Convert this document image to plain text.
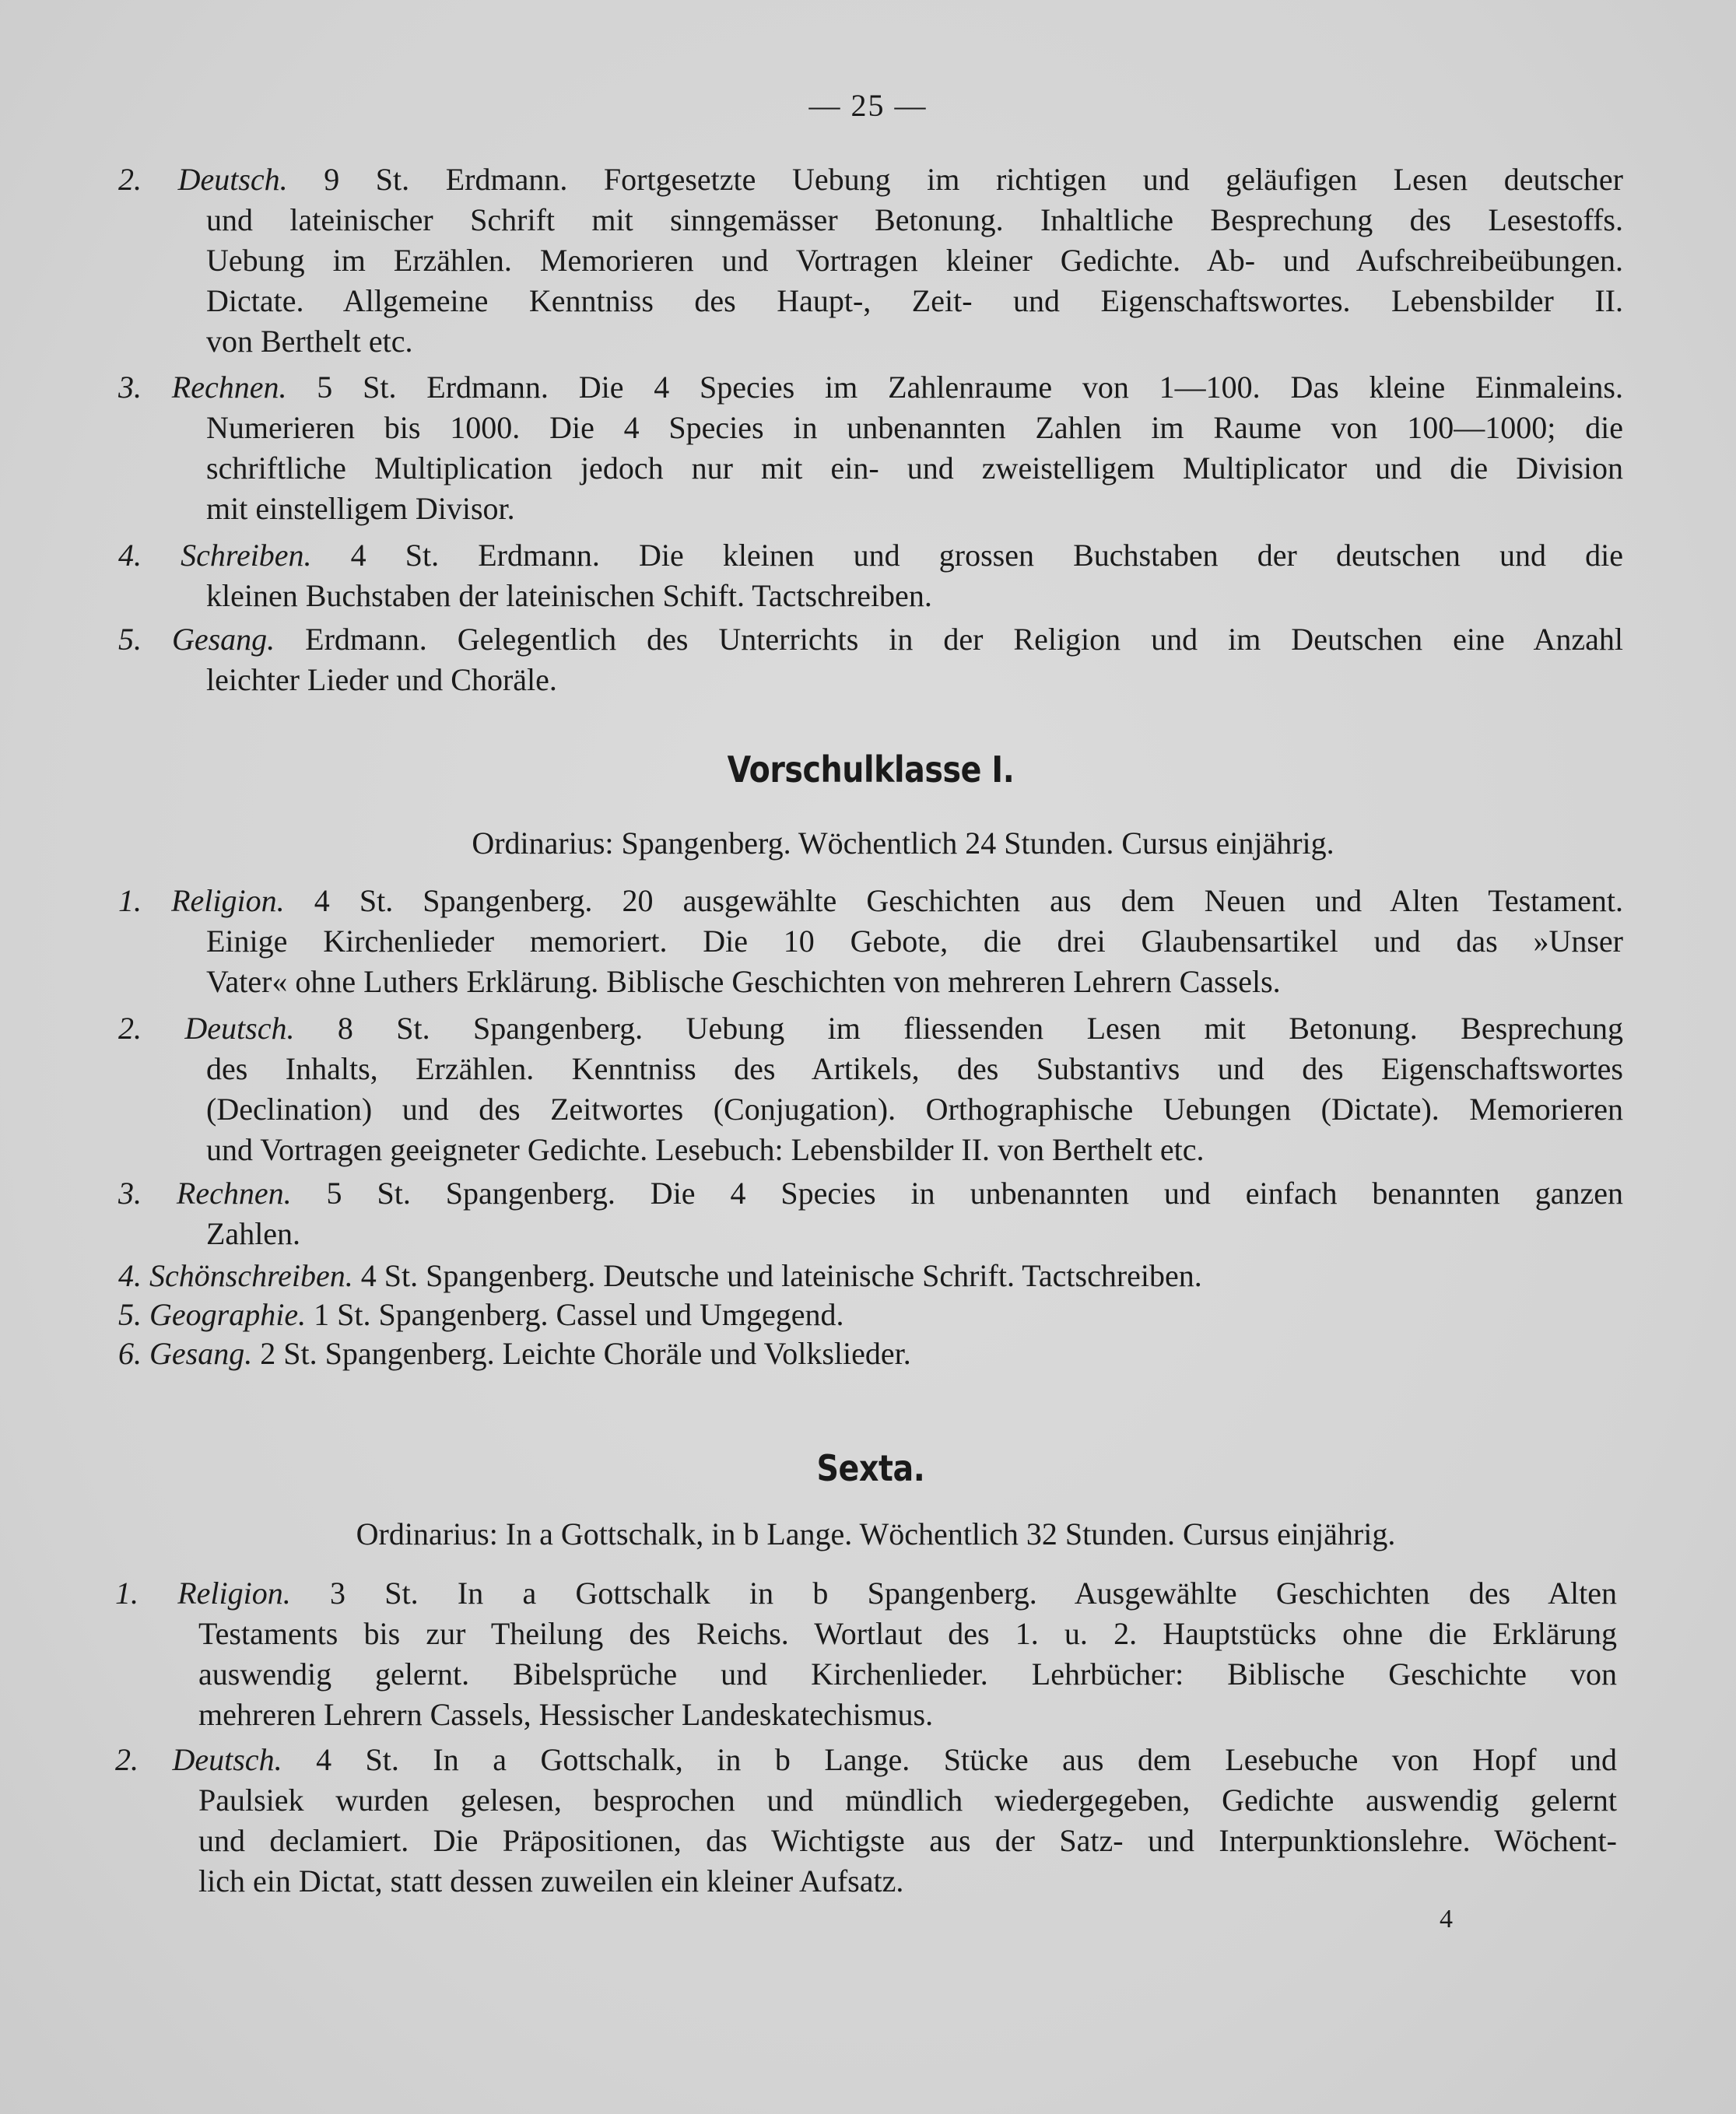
— 25 —
2. Deutsch. 9 St. Erdmann. Fortgesetzte Uebung im richtigen und geläufigen Lesen deutscher
und lateinischer Schrift mit sinngemässer Betonung. Inhaltliche Besprechung des Lesestoffs.
Uebung im Erzählen. Memorieren und Vortragen kleiner Gedichte. Ab- und Aufschreibeübungen.
Dictate. Allgemeine Kenntniss des Haupt-, Zeit- und Eigenschaftswortes. Lebensbilder II.
von Berthelt etc.
3. Rechnen. 5 St. Erdmann. Die 4 Species im Zahlenraume von 1—100. Das kleine Einmaleins.
Numerieren bis 1000. Die 4 Species in unbenannten Zahlen im Raume von 100—1000; die
schriftliche Multiplication jedoch nur mit ein- und zweistelligem Multiplicator und die Division
mit einstelligem Divisor.
4. Schreiben. 4 St. Erdmann. Die kleinen und grossen Buchstaben der deutschen und die
kleinen Buchstaben der lateinischen Schift. Tactschreiben.
5. Gesang. Erdmann. Gelegentlich des Unterrichts in der Religion und im Deutschen eine Anzahl
leichter Lieder und Choräle.
Vorschulklasse I.
Ordinarius: Spangenberg. Wöchentlich 24 Stunden. Cursus einjährig.
1. Religion. 4 St. Spangenberg. 20 ausgewählte Geschichten aus dem Neuen und Alten Testament.
Einige Kirchenlieder memoriert. Die 10 Gebote, die drei Glaubensartikel und das »Unser
Vater« ohne Luthers Erklärung. Biblische Geschichten von mehreren Lehrern Cassels.
2. Deutsch. 8 St. Spangenberg. Uebung im fliessenden Lesen mit Betonung. Besprechung
des Inhalts, Erzählen. Kenntniss des Artikels, des Substantivs und des Eigenschaftswortes
(Declination) und des Zeitwortes (Conjugation). Orthographische Uebungen (Dictate). Memorieren
und Vortragen geeigneter Gedichte. Lesebuch: Lebensbilder II. von Berthelt etc.
3. Rechnen. 5 St. Spangenberg. Die 4 Species in unbenannten und einfach benannten ganzen
Zahlen.
4. Schönschreiben. 4 St. Spangenberg. Deutsche und lateinische Schrift. Tactschreiben.
5. Geographie. 1 St. Spangenberg. Cassel und Umgegend.
6. Gesang. 2 St. Spangenberg. Leichte Choräle und Volkslieder.
Sexta.
Ordinarius: In a Gottschalk, in b Lange. Wöchentlich 32 Stunden. Cursus einjährig.
1. Religion. 3 St. In a Gottschalk in b Spangenberg. Ausgewählte Geschichten des Alten
Testaments bis zur Theilung des Reichs. Wortlaut des 1. u. 2. Hauptstücks ohne die Erklärung
auswendig gelernt. Bibelsprüche und Kirchenlieder. Lehrbücher: Biblische Geschichte von
mehreren Lehrern Cassels, Hessischer Landeskatechismus.
2. Deutsch. 4 St. In a Gottschalk, in b Lange. Stücke aus dem Lesebuche von Hopf und
Paulsiek wurden gelesen, besprochen und mündlich wiedergegeben, Gedichte auswendig gelernt
und declamiert. Die Präpositionen, das Wichtigste aus der Satz- und Interpunktionslehre. Wöchent-
lich ein Dictat, statt dessen zuweilen ein kleiner Aufsatz.
4
